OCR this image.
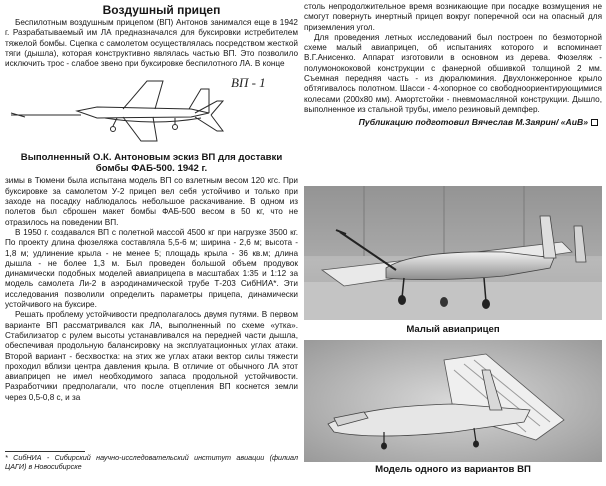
Воздушный прицеп

Беспилотным воздушным прицепом (ВП) Антонов занимался еще в 1942 г. Разрабатываемый им ЛА предназначался для буксировки истребителем тяжелой бомбы. Сцепка с самолетом осуществлялась посредством жесткой тяги (дышла), которая конструктивно являлась частью ВП. Это позволило исключить трос - слабое звено при буксировке беспилотного ЛА. В конце

ВП - 1
Выполненный О.К. Антоновым эскиз ВП для доставки бомбы ФАБ-500. 1942 г.

зимы в Тюмени была испытана модель ВП со взлетным весом 120 кгс. При буксировке за самолетом У-2 прицеп вел себя устойчиво и только при заходе на посадку наблюдалось небольшое раскачивание. В одном из полетов был сброшен макет бомбы ФАБ-500 весом в 50 кг, что не отразилось на поведении ВП.

В 1950 г. создавался ВП с полетной массой 4500 кг при нагрузке 3500 кг. По проекту длина фюзеляжа составляла 5,5-6 м; ширина - 2,6 м; высота - 1,8 м; удлинение крыла - не менее 5; площадь крыла - 36 кв.м; длина дышла - не более 1,3 м. Был проведен большой объем продувок динамически подобных моделей авиаприцепа в масштабах 1:35 и 1:12 за модель самолета Ли-2 в аэродинамической трубе Т-203 СибНИА*. Эти исследования позволили определить параметры прицепа, динамически устойчивого на буксире.

Решать проблему устойчивости предполагалось двумя путями. В первом варианте ВП рассматривался как ЛА, выполненный по схеме «утка». Стабилизатор с рулем высоты устанавливался на передней части дышла, обеспечивая продольную балансировку на эксплуатационных углах атаки. Второй вариант - бесхвостка: на этих же углах атаки вектор силы тяжести проходил вблизи центра давления крыла. В отличие от обычного ЛА этот авиаприцеп не имел необходимого запаса продольной устойчивости. Разработчики предполагали, что после отцепления ВП коснется земли через 0,5-0,8 с, и за

столь непродолжительное время возникающие при посадке возмущения не смогут повернуть инертный прицеп вокруг поперечной оси на опасный для приземления угол.

Для проведения летных исследований был построен по безмоторной схеме малый авиаприцеп, об испытаниях которого и вспоминает В.Г.Анисенко. Аппарат изготовили в основном из дерева. Фюзеляж - полумонококовой конструкции с фанерной обшивкой толщиной 2 мм. Съемная передняя часть - из дюралюминия. Двухлонжеронное крыло обтягивалось полотном. Шасси - 4-хопорное со свободноориентирующимися колесами (200х80 мм). Амортстойки - пневмомасляной конструкции. Дышло, выполненное из стальной трубы, имело резиновый демпфер.

Публикацию подготовил Вячеслав М.Заярин/ «АиВ»
Малый авиаприцеп
Модель одного из вариантов ВП
* СибНИА - Сибирский научно-исследовательский институт авиации (филиал ЦАГИ) в Новосибирске
